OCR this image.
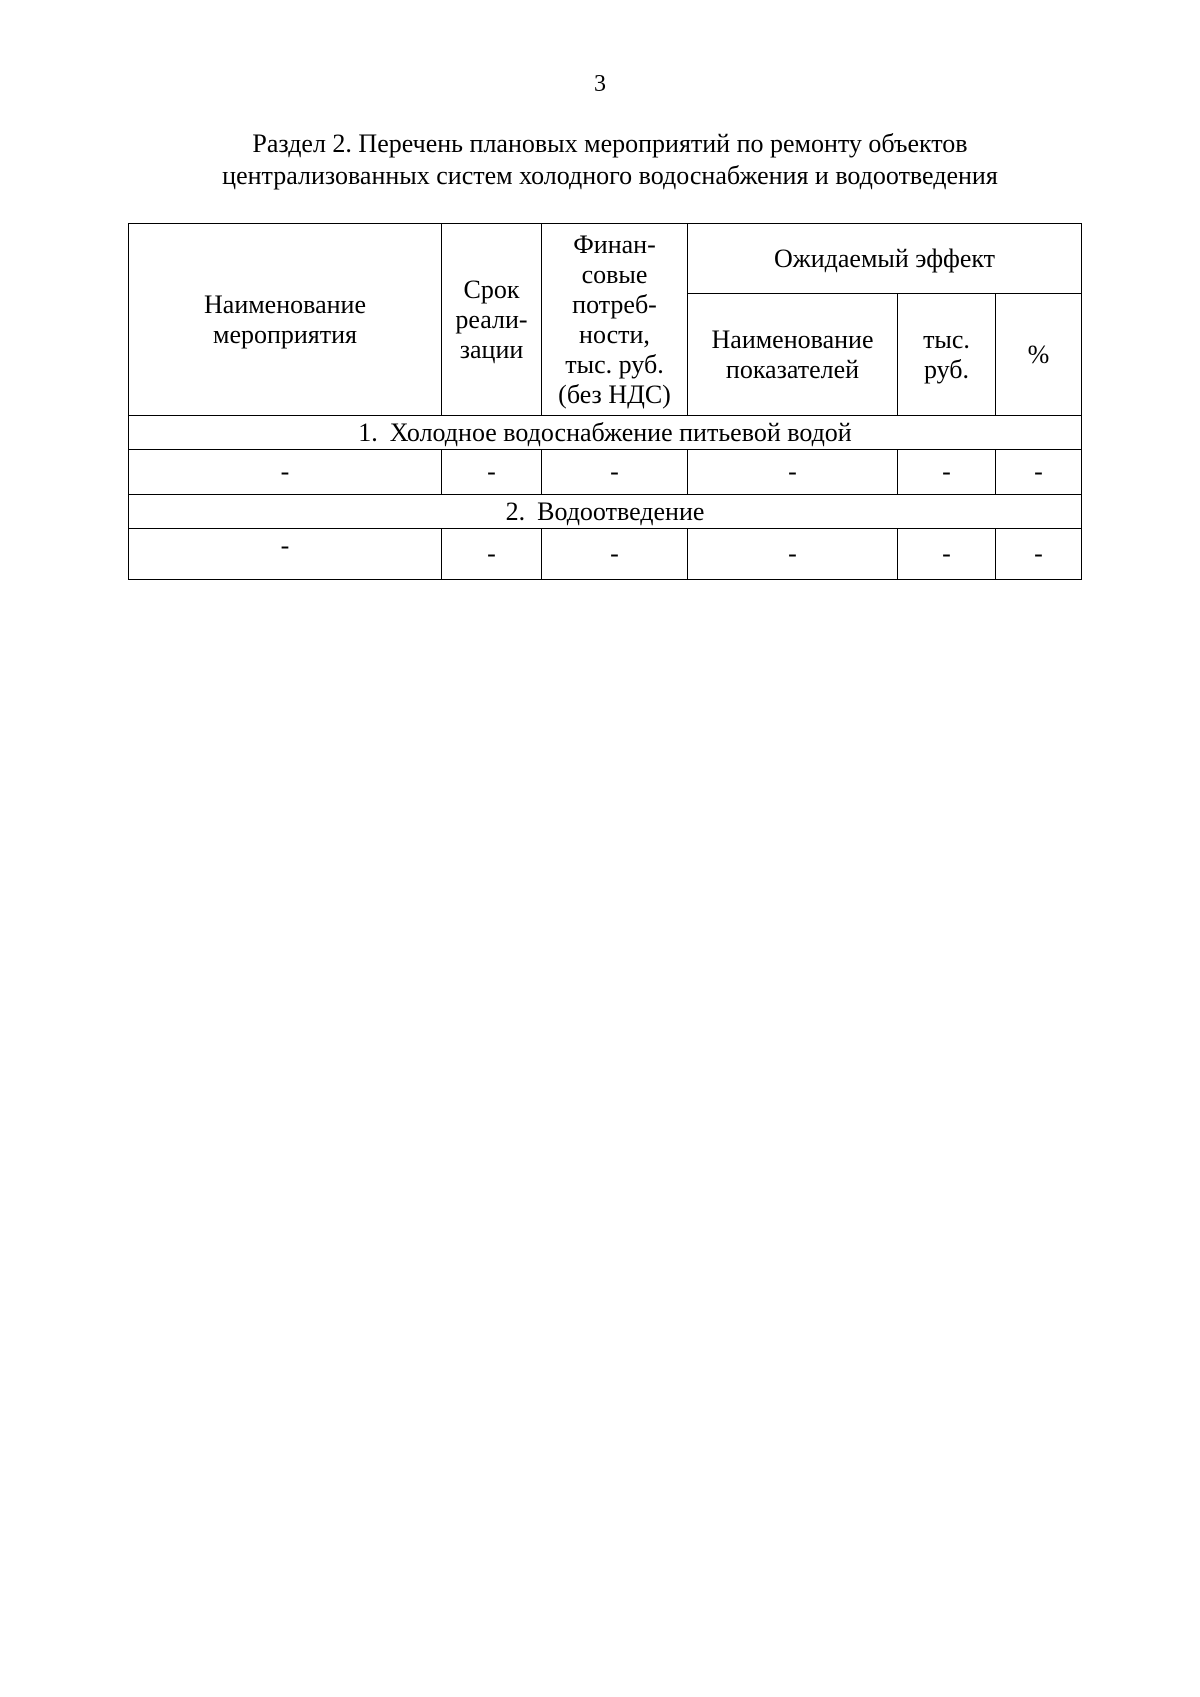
3
Раздел 2. Перечень плановых мероприятий по ремонту объектов
централизованных систем холодного водоснабжения и водоотведения
Наименование мероприятия	Срок реали-зации	Финан-совые потреб-ности, тыс. руб. (без НДС)	Ожидаемый эффект		

			Наименование показателей	тыс. руб.	%
1. Холодное водоснабжение питьевой водой					
-	-	-	-	-	-
2. Водоотведение					
-	-	-	-	-	-
